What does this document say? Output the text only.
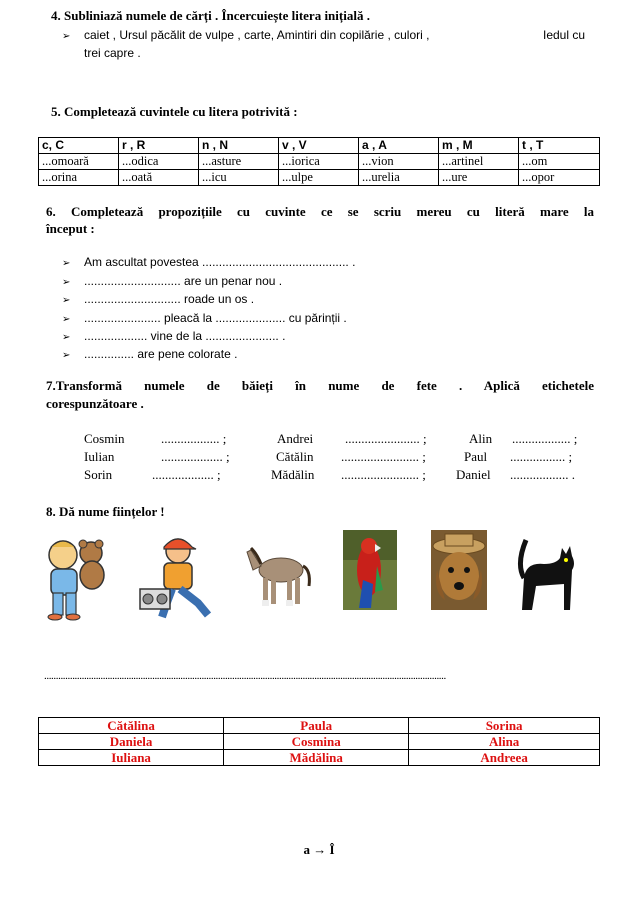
4. Subliniază numele de cărți . Încercuiește litera inițială .
➢ caiet , Ursul păcălit de vulpe , carte, Amintiri din copilărie , culori ,	Iedul cu
trei capre .
5. Completează cuvintele cu litera potrivită :
c, C	r , R	n , N	v , V	a , A	m , M	t , T
...omoară	...odica	...asture	...iorica	...vion	...artinel	...om
...orina	...oată	...icu	...ulpe	...urelia	...ure	...opor
6. Completează propozițiile cu cuvinte ce se scriu mereu cu literă mare la
început :
➢ Am ascultat povestea ............................................ .
➢ ............................. are un penar nou .
➢ ............................. roade un os .
➢ ....................... pleacă la ..................... cu părinții .
➢ ................... vine de la ...................... .
➢ ............... are pene colorate .
7.Transformă numele de băieți în nume de fete . Aplică etichetele
corespunzătoare .
Cosmin	.................. ;	Andrei ....................... ;	Alin .................. ;
Iulian	................... ;	Cătălin ........................ ;	Paul ................. ;
Sorin	................... ;	Mădălin ........................ ; Daniel .................. .
8. Dă nume ființelor !
...........................................................................................................................................................................
Cătălina	Paula	Sorina
Daniela	Cosmina	Alina
Iuliana	Mădălina	Andreea
a → Î
